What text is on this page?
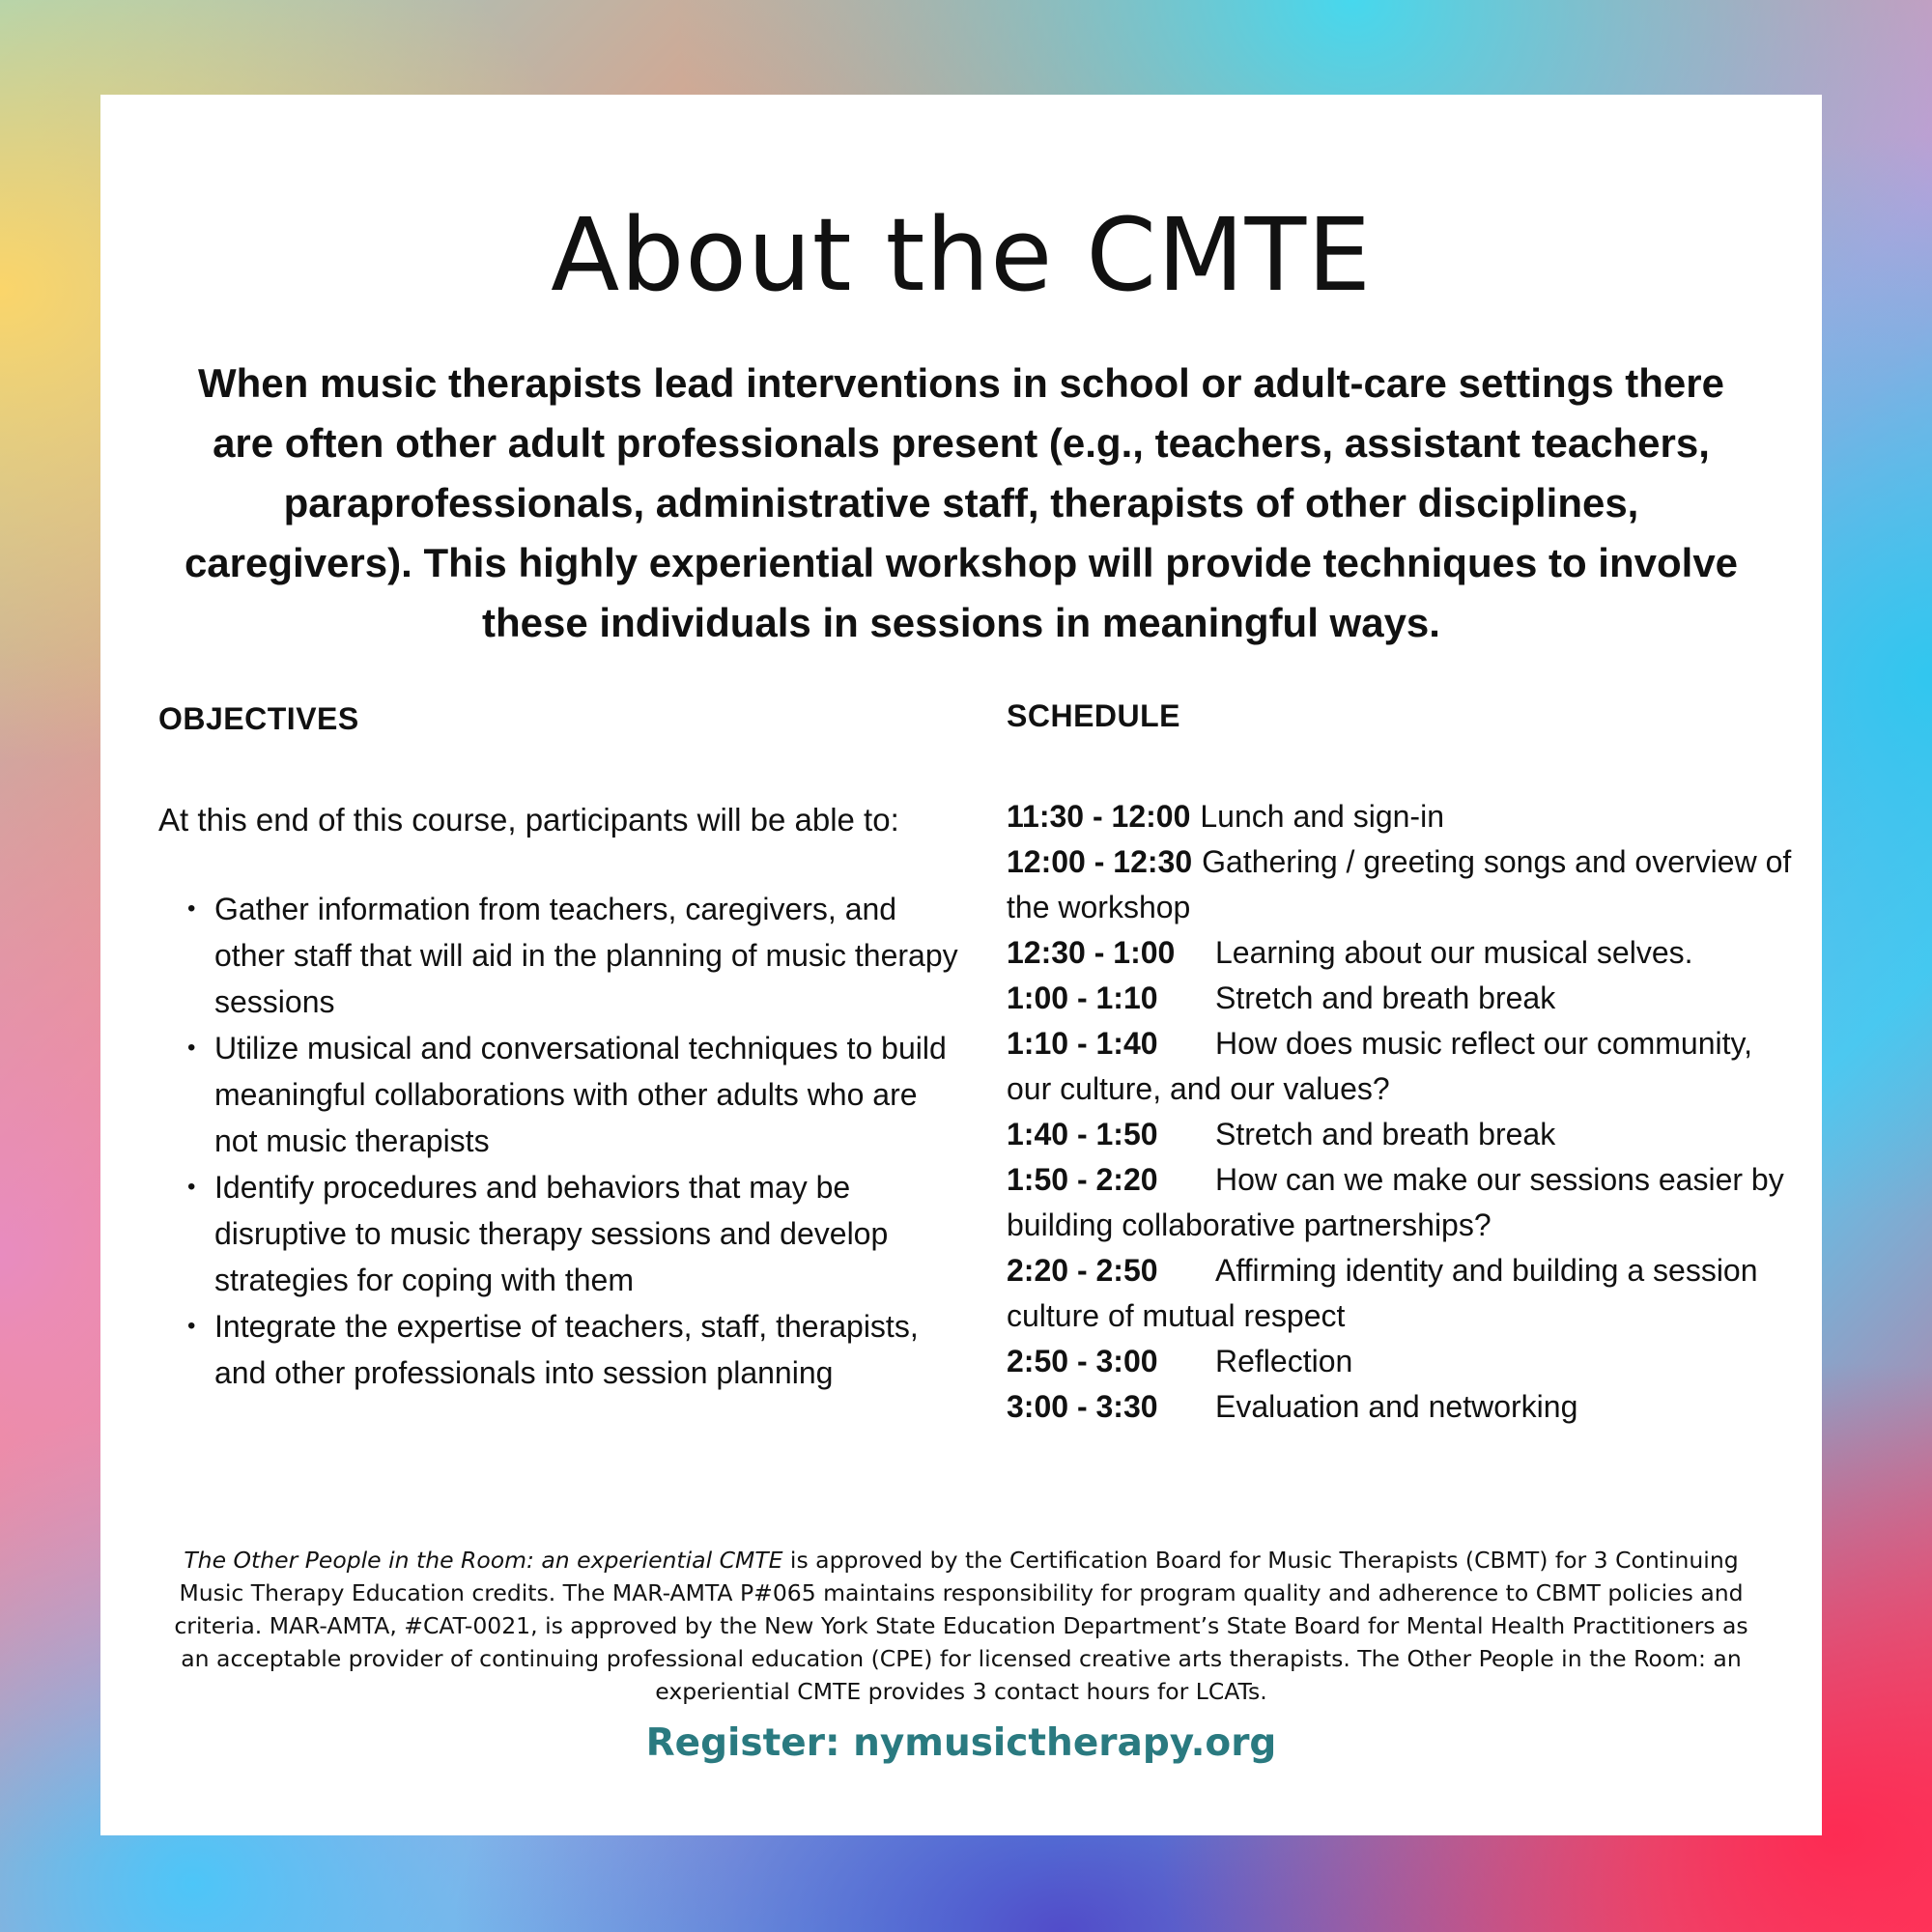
About the CMTE

When music therapists lead interventions in school or adult-care settings there are often other adult professionals present (e.g., teachers, assistant teachers, paraprofessionals, administrative staff, therapists of other disciplines, caregivers). This highly experiential workshop will provide techniques to involve these individuals in sessions in meaningful ways.

OBJECTIVES

At this end of this course, participants will be able to:

• Gather information from teachers, caregivers, and other staff that will aid in the planning of music therapy sessions
• Utilize musical and conversational techniques to build meaningful collaborations with other adults who are not music therapists
• Identify procedures and behaviors that may be disruptive to music therapy sessions and develop strategies for coping with them
• Integrate the expertise of teachers, staff, therapists, and other professionals into session planning
SCHEDULE
11:30 - 12:00 Lunch and sign-in
12:00 - 12:30 Gathering / greeting songs and overview of the workshop
12:30 - 1:00 Learning about our musical selves.
1:00 - 1:10 Stretch and breath break
1:10 - 1:40 How does music reflect our community, our culture, and our values?
1:40 - 1:50 Stretch and breath break
1:50 - 2:20 How can we make our sessions easier by building collaborative partnerships?
2:20 - 2:50 Affirming identity and building a session culture of mutual respect
2:50 - 3:00 Reflection
3:00 - 3:30 Evaluation and networking

The Other People in the Room: an experiential CMTE is approved by the Certification Board for Music Therapists (CBMT) for 3 Continuing Music Therapy Education credits. The MAR-AMTA P#065 maintains responsibility for program quality and adherence to CBMT policies and criteria. MAR-AMTA, #CAT-0021, is approved by the New York State Education Department’s State Board for Mental Health Practitioners as an acceptable provider of continuing professional education (CPE) for licensed creative arts therapists. The Other People in the Room: an experiential CMTE provides 3 contact hours for LCATs.

Register: nymusictherapy.org
